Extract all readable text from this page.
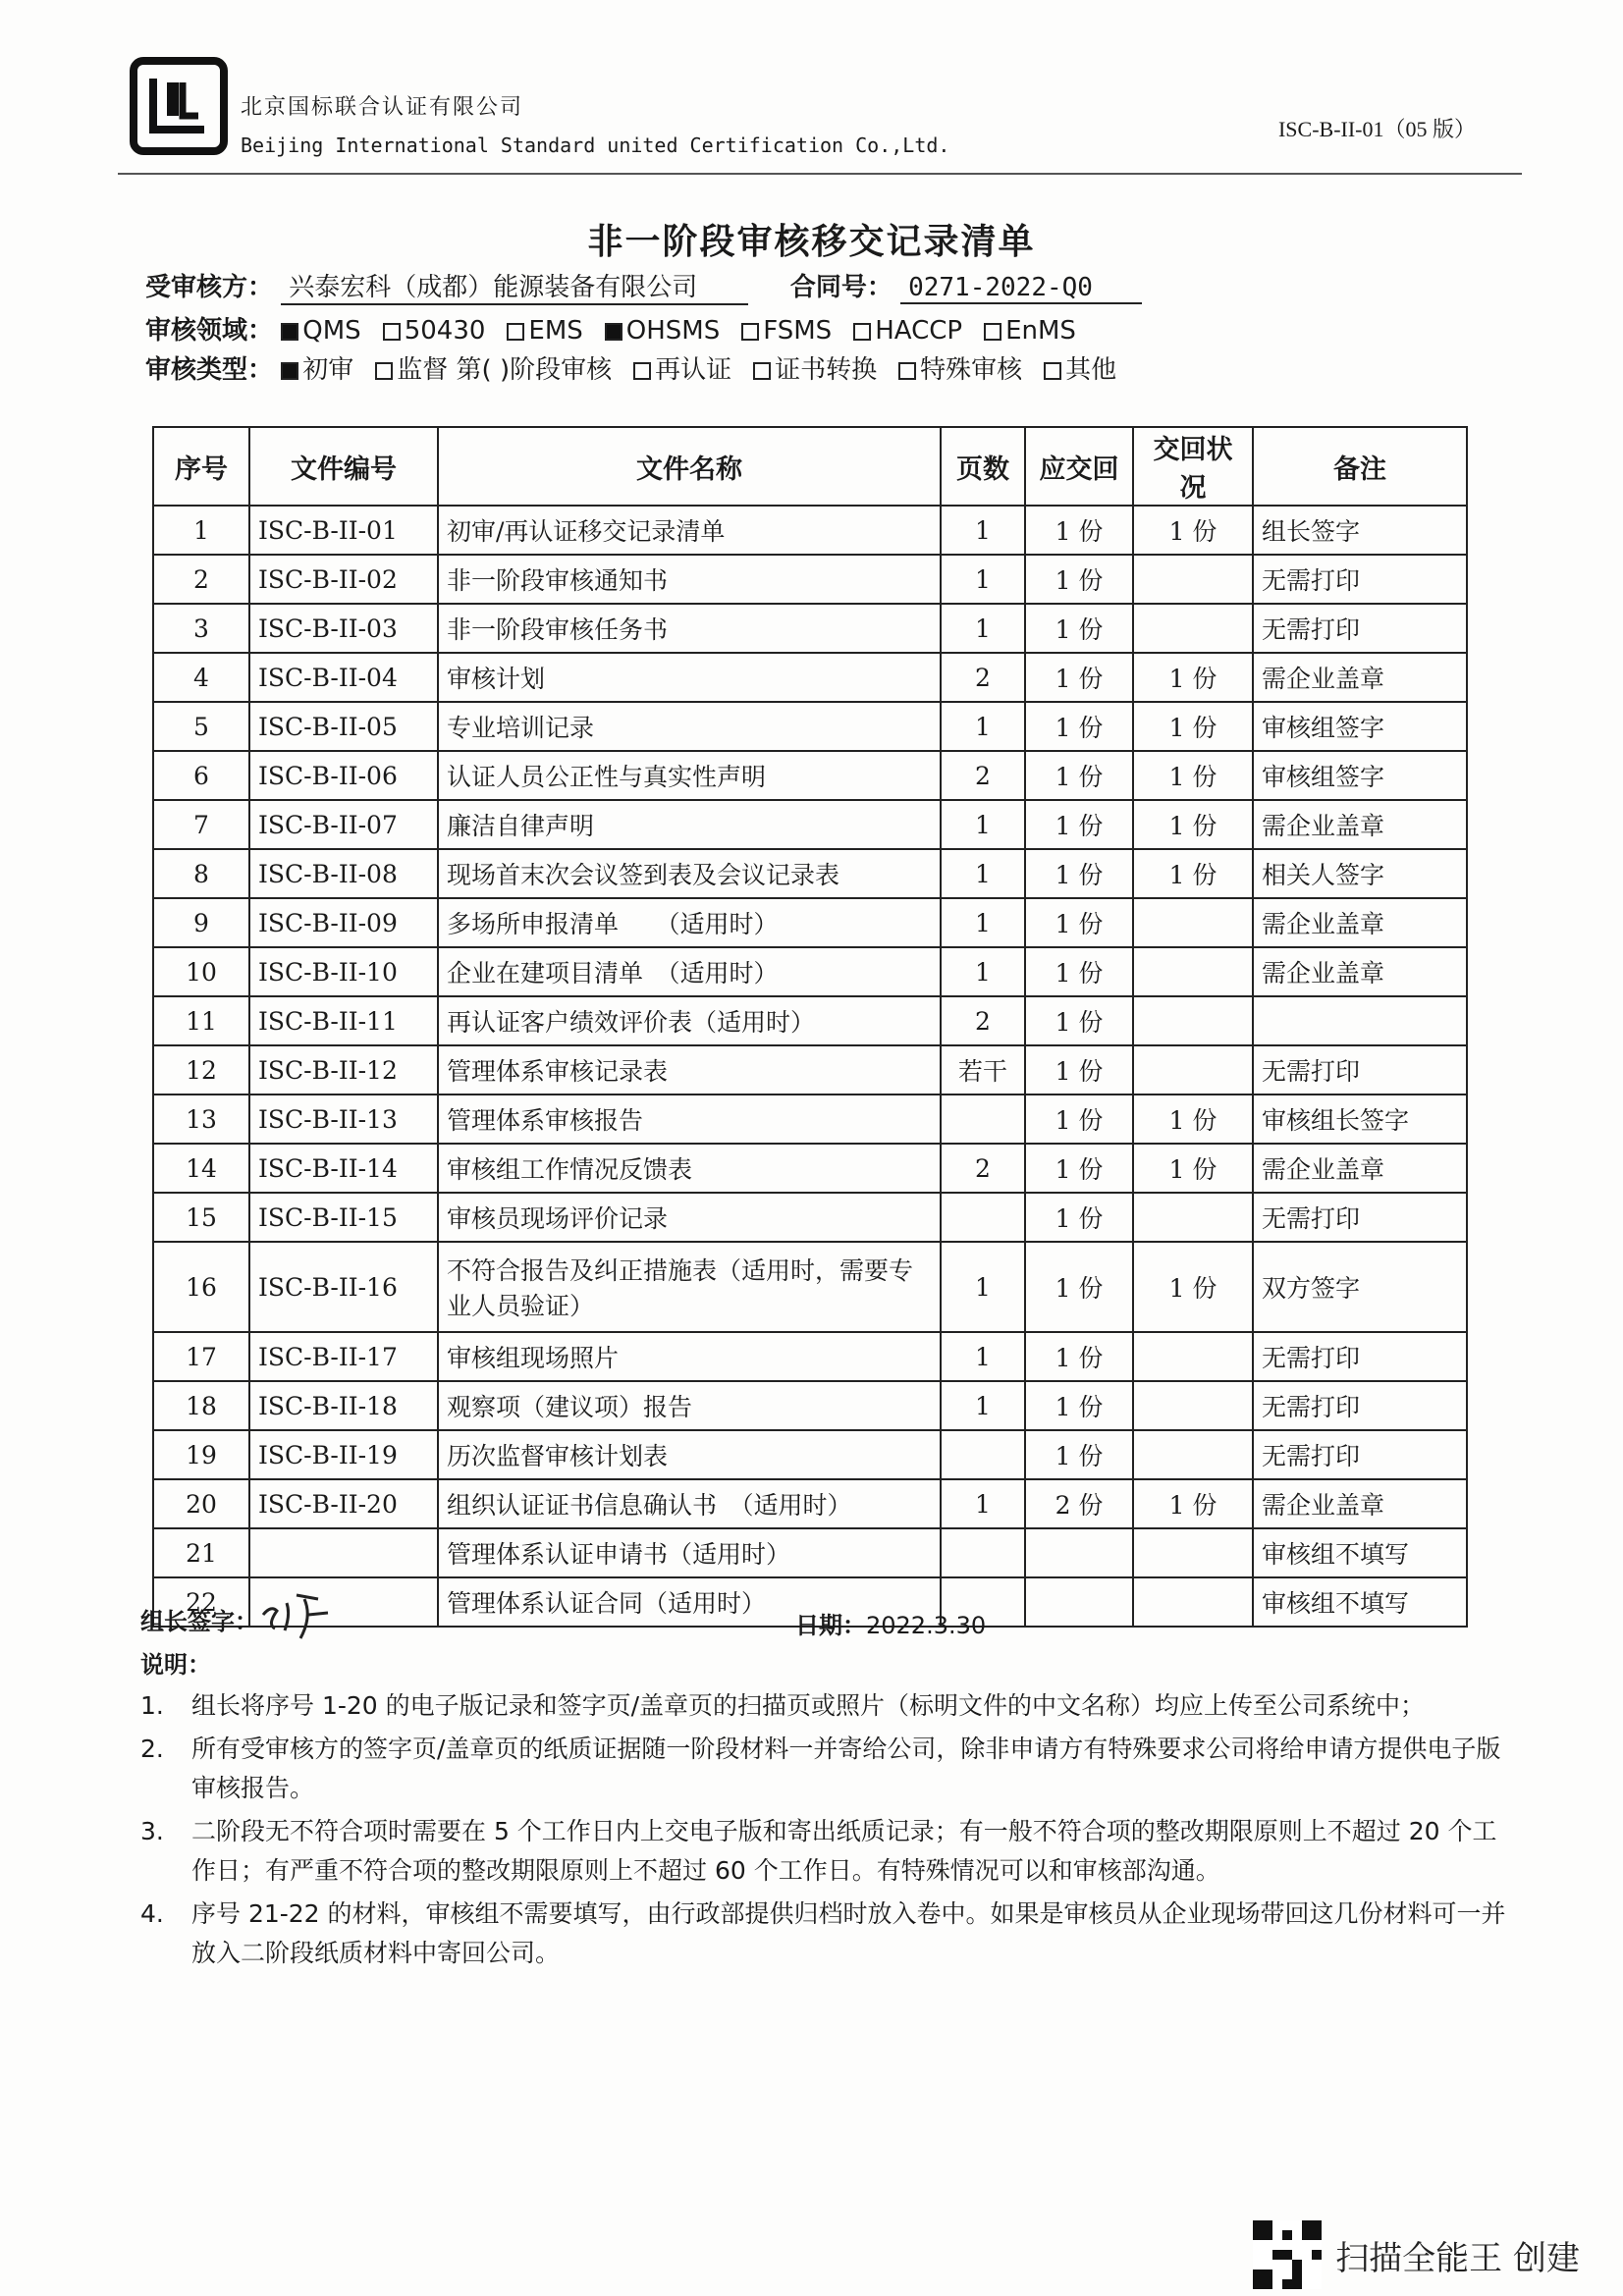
北京国标联合认证有限公司
Beijing International Standard united Certification Co.,Ltd.
ISC-B-II-01（05 版）
非一阶段审核移交记录清单
受审核方： 兴泰宏科（成都）能源装备有限公司	合同号： 0271-2022-Q0
审核领域： QMS 50430 EMS OHSMS FSMS HACCP EnMS
审核类型： 初审 监督 第( )阶段审核 再认证 证书转换 特殊审核 其他
序号	文件编号	文件名称	页数	应交回	交回状况	备注
1	ISC-B-II-01	初审/再认证移交记录清单	1	1 份	1 份	组长签字
2	ISC-B-II-02	非一阶段审核通知书	1	1 份		无需打印
3	ISC-B-II-03	非一阶段审核任务书	1	1 份		无需打印
4	ISC-B-II-04	审核计划	2	1 份	1 份	需企业盖章
5	ISC-B-II-05	专业培训记录	1	1 份	1 份	审核组签字
6	ISC-B-II-06	认证人员公正性与真实性声明	2	1 份	1 份	审核组签字
7	ISC-B-II-07	廉洁自律声明	1	1 份	1 份	需企业盖章
8	ISC-B-II-08	现场首末次会议签到表及会议记录表	1	1 份	1 份	相关人签字
9	ISC-B-II-09	多场所申报清单　　（适用时）	1	1 份		需企业盖章
10	ISC-B-II-10	企业在建项目清单　（适用时）	1	1 份		需企业盖章
11	ISC-B-II-11	再认证客户绩效评价表（适用时）	2	1 份		
12	ISC-B-II-12	管理体系审核记录表	若干	1 份		无需打印
13	ISC-B-II-13	管理体系审核报告		1 份	1 份	审核组长签字
14	ISC-B-II-14	审核组工作情况反馈表	2	1 份	1 份	需企业盖章
15	ISC-B-II-15	审核员现场评价记录		1 份		无需打印
16	ISC-B-II-16	不符合报告及纠正措施表（适用时，需要专业人员验证）	1	1 份	1 份	双方签字
17	ISC-B-II-17	审核组现场照片	1	1 份		无需打印
18	ISC-B-II-18	观察项（建议项）报告	1	1 份		无需打印
19	ISC-B-II-19	历次监督审核计划表		1 份		无需打印
20	ISC-B-II-20	组织认证证书信息确认书　（适用时）	1	2 份	1 份	需企业盖章
21		管理体系认证申请书（适用时）				审核组不填写
22		管理体系认证合同（适用时）				审核组不填写
组长签字：	日期：2022.3.30
说明：
1.	组长将序号 1-20 的电子版记录和签字页/盖章页的扫描页或照片（标明文件的中文名称）均应上传至公司系统中；
2.	所有受审核方的签字页/盖章页的纸质证据随一阶段材料一并寄给公司，除非申请方有特殊要求公司将给申请方提供电子版审核报告。
3.	二阶段无不符合项时需要在 5 个工作日内上交电子版和寄出纸质记录；有一般不符合项的整改期限原则上不超过 20 个工作日；有严重不符合项的整改期限原则上不超过 60 个工作日。有特殊情况可以和审核部沟通。
4.	序号 21-22 的材料，审核组不需要填写，由行政部提供归档时放入卷中。如果是审核员从企业现场带回这几份材料可一并放入二阶段纸质材料中寄回公司。
扫描全能王 创建
